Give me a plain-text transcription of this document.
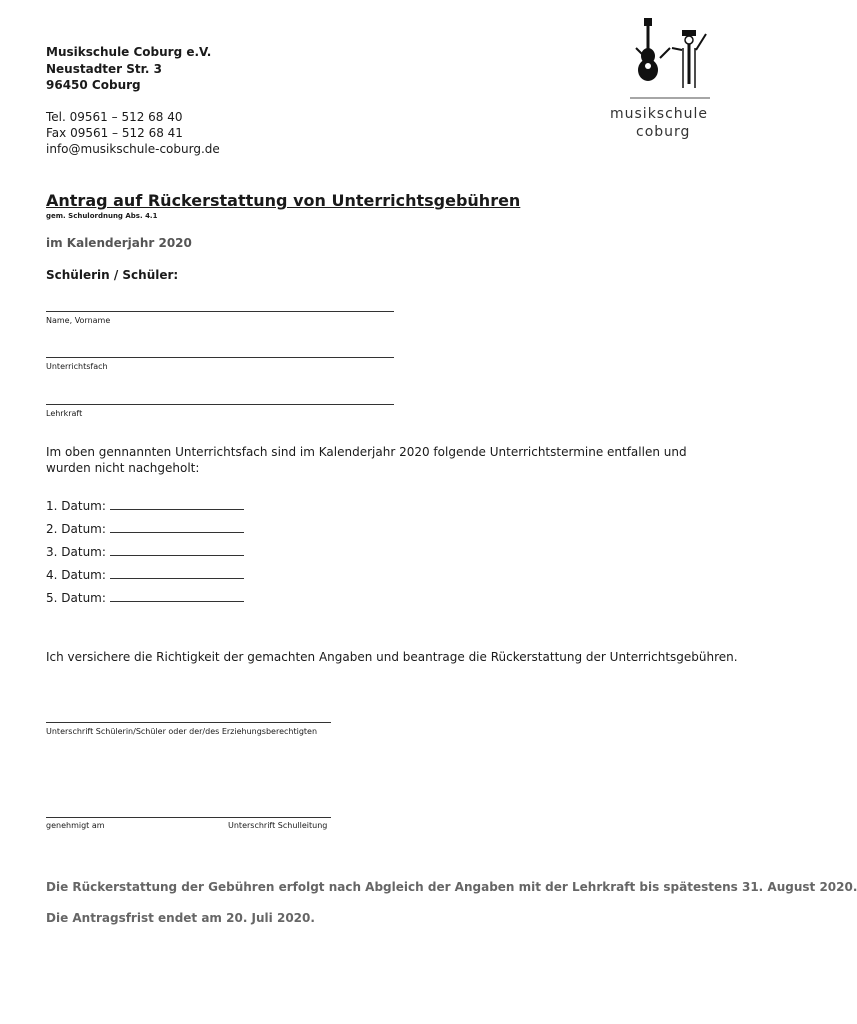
Musikschule Coburg e.V.
Neustadter Str. 3
96450 Coburg
Tel. 09561 – 512 68 40
Fax 09561 – 512 68 41
info@musikschule-coburg.de
musikschule
coburg
Antrag auf Rückerstattung von Unterrichtsgebühren
gem. Schulordnung Abs. 4.1
im Kalenderjahr 2020
Schülerin / Schüler:
Name, Vorname
Unterrichtsfach
Lehrkraft
Im oben gennannten Unterrichtsfach sind im Kalenderjahr 2020 folgende Unterrichtstermine entfallen und wurden nicht nachgeholt:
1. Datum:
2. Datum:
3. Datum:
4. Datum:
5. Datum:
Ich versichere die Richtigkeit der gemachten Angaben und beantrage die Rückerstattung der Unterrichtsgebühren.
Unterschrift Schülerin/Schüler oder der/des Erziehungsberechtigten
genehmigt am	Unterschrift Schulleitung
Die Rückerstattung der Gebühren erfolgt nach Abgleich der Angaben mit der Lehrkraft bis spätestens 31. August 2020.
Die Antragsfrist endet am 20. Juli 2020.
